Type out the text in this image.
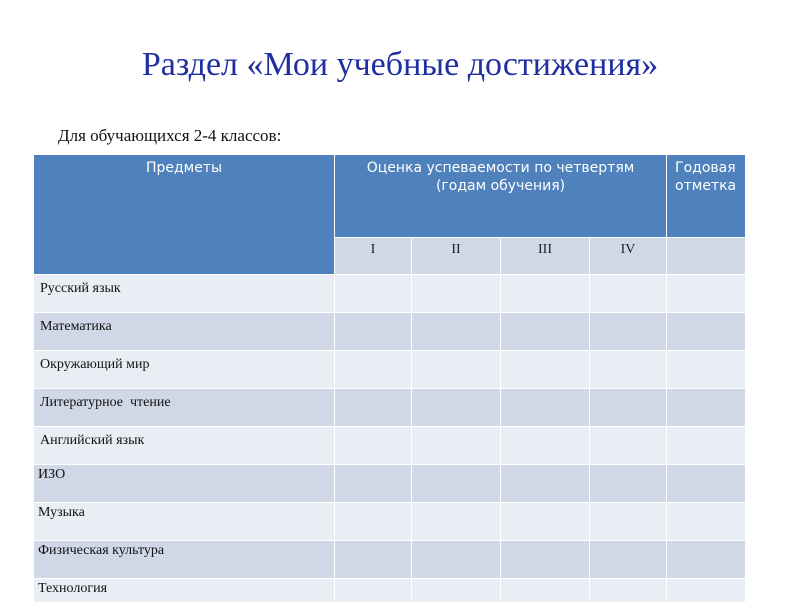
Раздел «Мои учебные достижения»
Для обучающихся 2-4 классов:
Предметы	Оценка успеваемости по четвертям (годам обучения)				Годовая отметка
	I	II	III	IV	
Русский язык					
Математика					
Окружающий мир					
Литературное  чтение					
Английский язык					
ИЗО					
Музыка					
Физическая культура					
Технология					
